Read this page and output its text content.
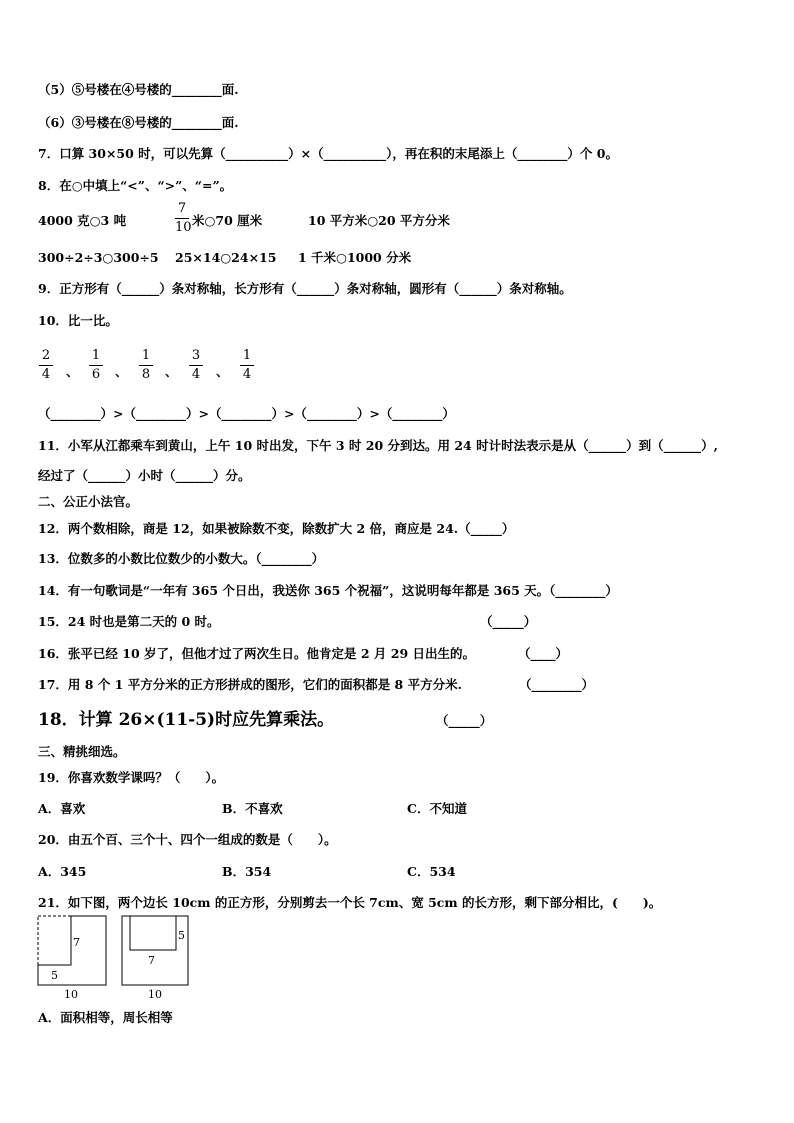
（5）⑤号楼在④号楼的________面.
（6）③号楼在⑧号楼的________面.
7．口算 30×50 时，可以先算（__________）×（__________），再在积的末尾添上（________）个 0。
8．在○中填上“<”、“>”、“=”。
4000 克○3 吨
7
10 米○70 厘米	10 平方米○20 平方分米
300÷2÷3○300÷5 25×14○24×15 1 千米○1000 分米
9．正方形有（______）条对称轴，长方形有（______）条对称轴，圆形有（______）条对称轴。
10．比一比。
2
4 、
1
6 、
1
8 、
3
4 、
1
4
（________）>（________）>（________）>（________）>（________）
11．小军从江都乘车到黄山，上午 10 时出发，下午 3 时 20 分到达。用 24 时计时法表示是从（______）到（______）,
经过了（______）小时（______）分。
二、公正小法官。
12．两个数相除，商是 12，如果被除数不变，除数扩大 2 倍，商应是 24.（_____）
13．位数多的小数比位数少的小数大。（________）
14．有一句歌词是“一年有 365 个日出，我送你 365 个祝福”，这说明每年都是 365 天。（________）
15．24 时也是第二天的 0 时。	（_____）
16．张平已经 10 岁了，但他才过了两次生日。他肯定是 2 月 29 日出生的。	（____）
17．用 8 个 1 平方分米的正方形拼成的图形，它们的面积都是 8 平方分米.	（________）
18．计算 26×(11-5)时应先算乘法。	（_____）
三、精挑细选。
19．你喜欢数学课吗？（　　）。
A．喜欢	B．不喜欢	C．不知道
20．由五个百、三个十、四个一组成的数是（　　）。
A．345	B．354	C．534
21．如下图，两个边长 10cm 的正方形，分别剪去一个长 7cm、宽 5cm 的长方形，剩下部分相比，(　　)。
7
5
10
5
7
10
A．面积相等，周长相等
